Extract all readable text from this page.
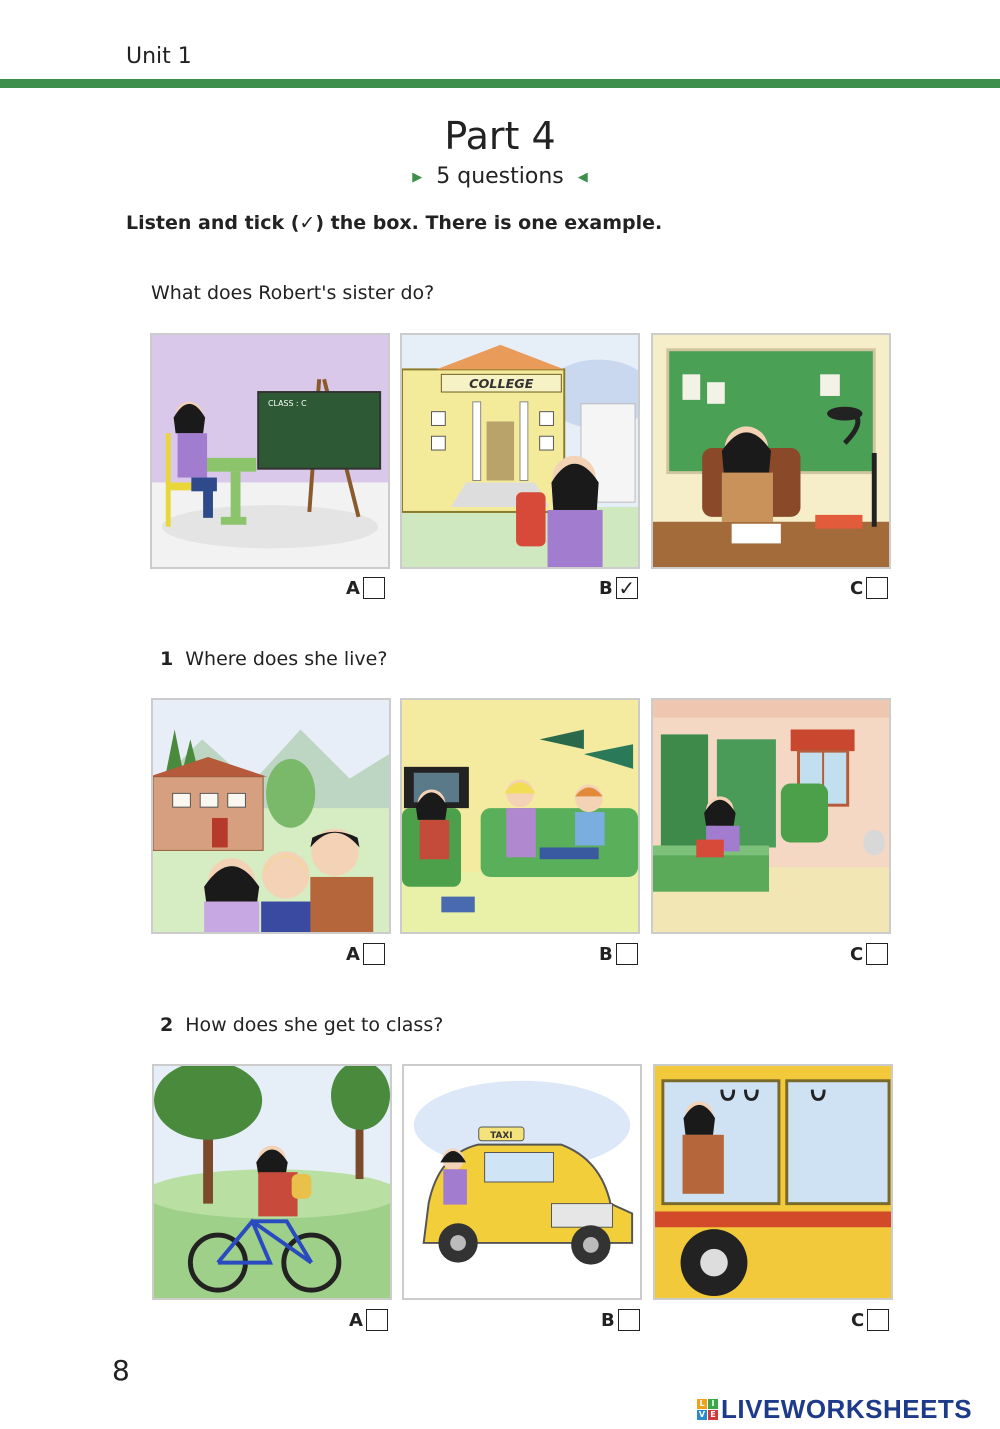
Unit 1
Part 4
▶ 5 questions ◀
Listen and tick (✓) the box. There is one example.
What does Robert's sister do?
CLASS : C
COLLEGE
A	B ✓	C
1 Where does she live?
A	B	C
2 How does she get to class?
TAXI
A	B	C
8
L I
V E LIVEWORKSHEETS
